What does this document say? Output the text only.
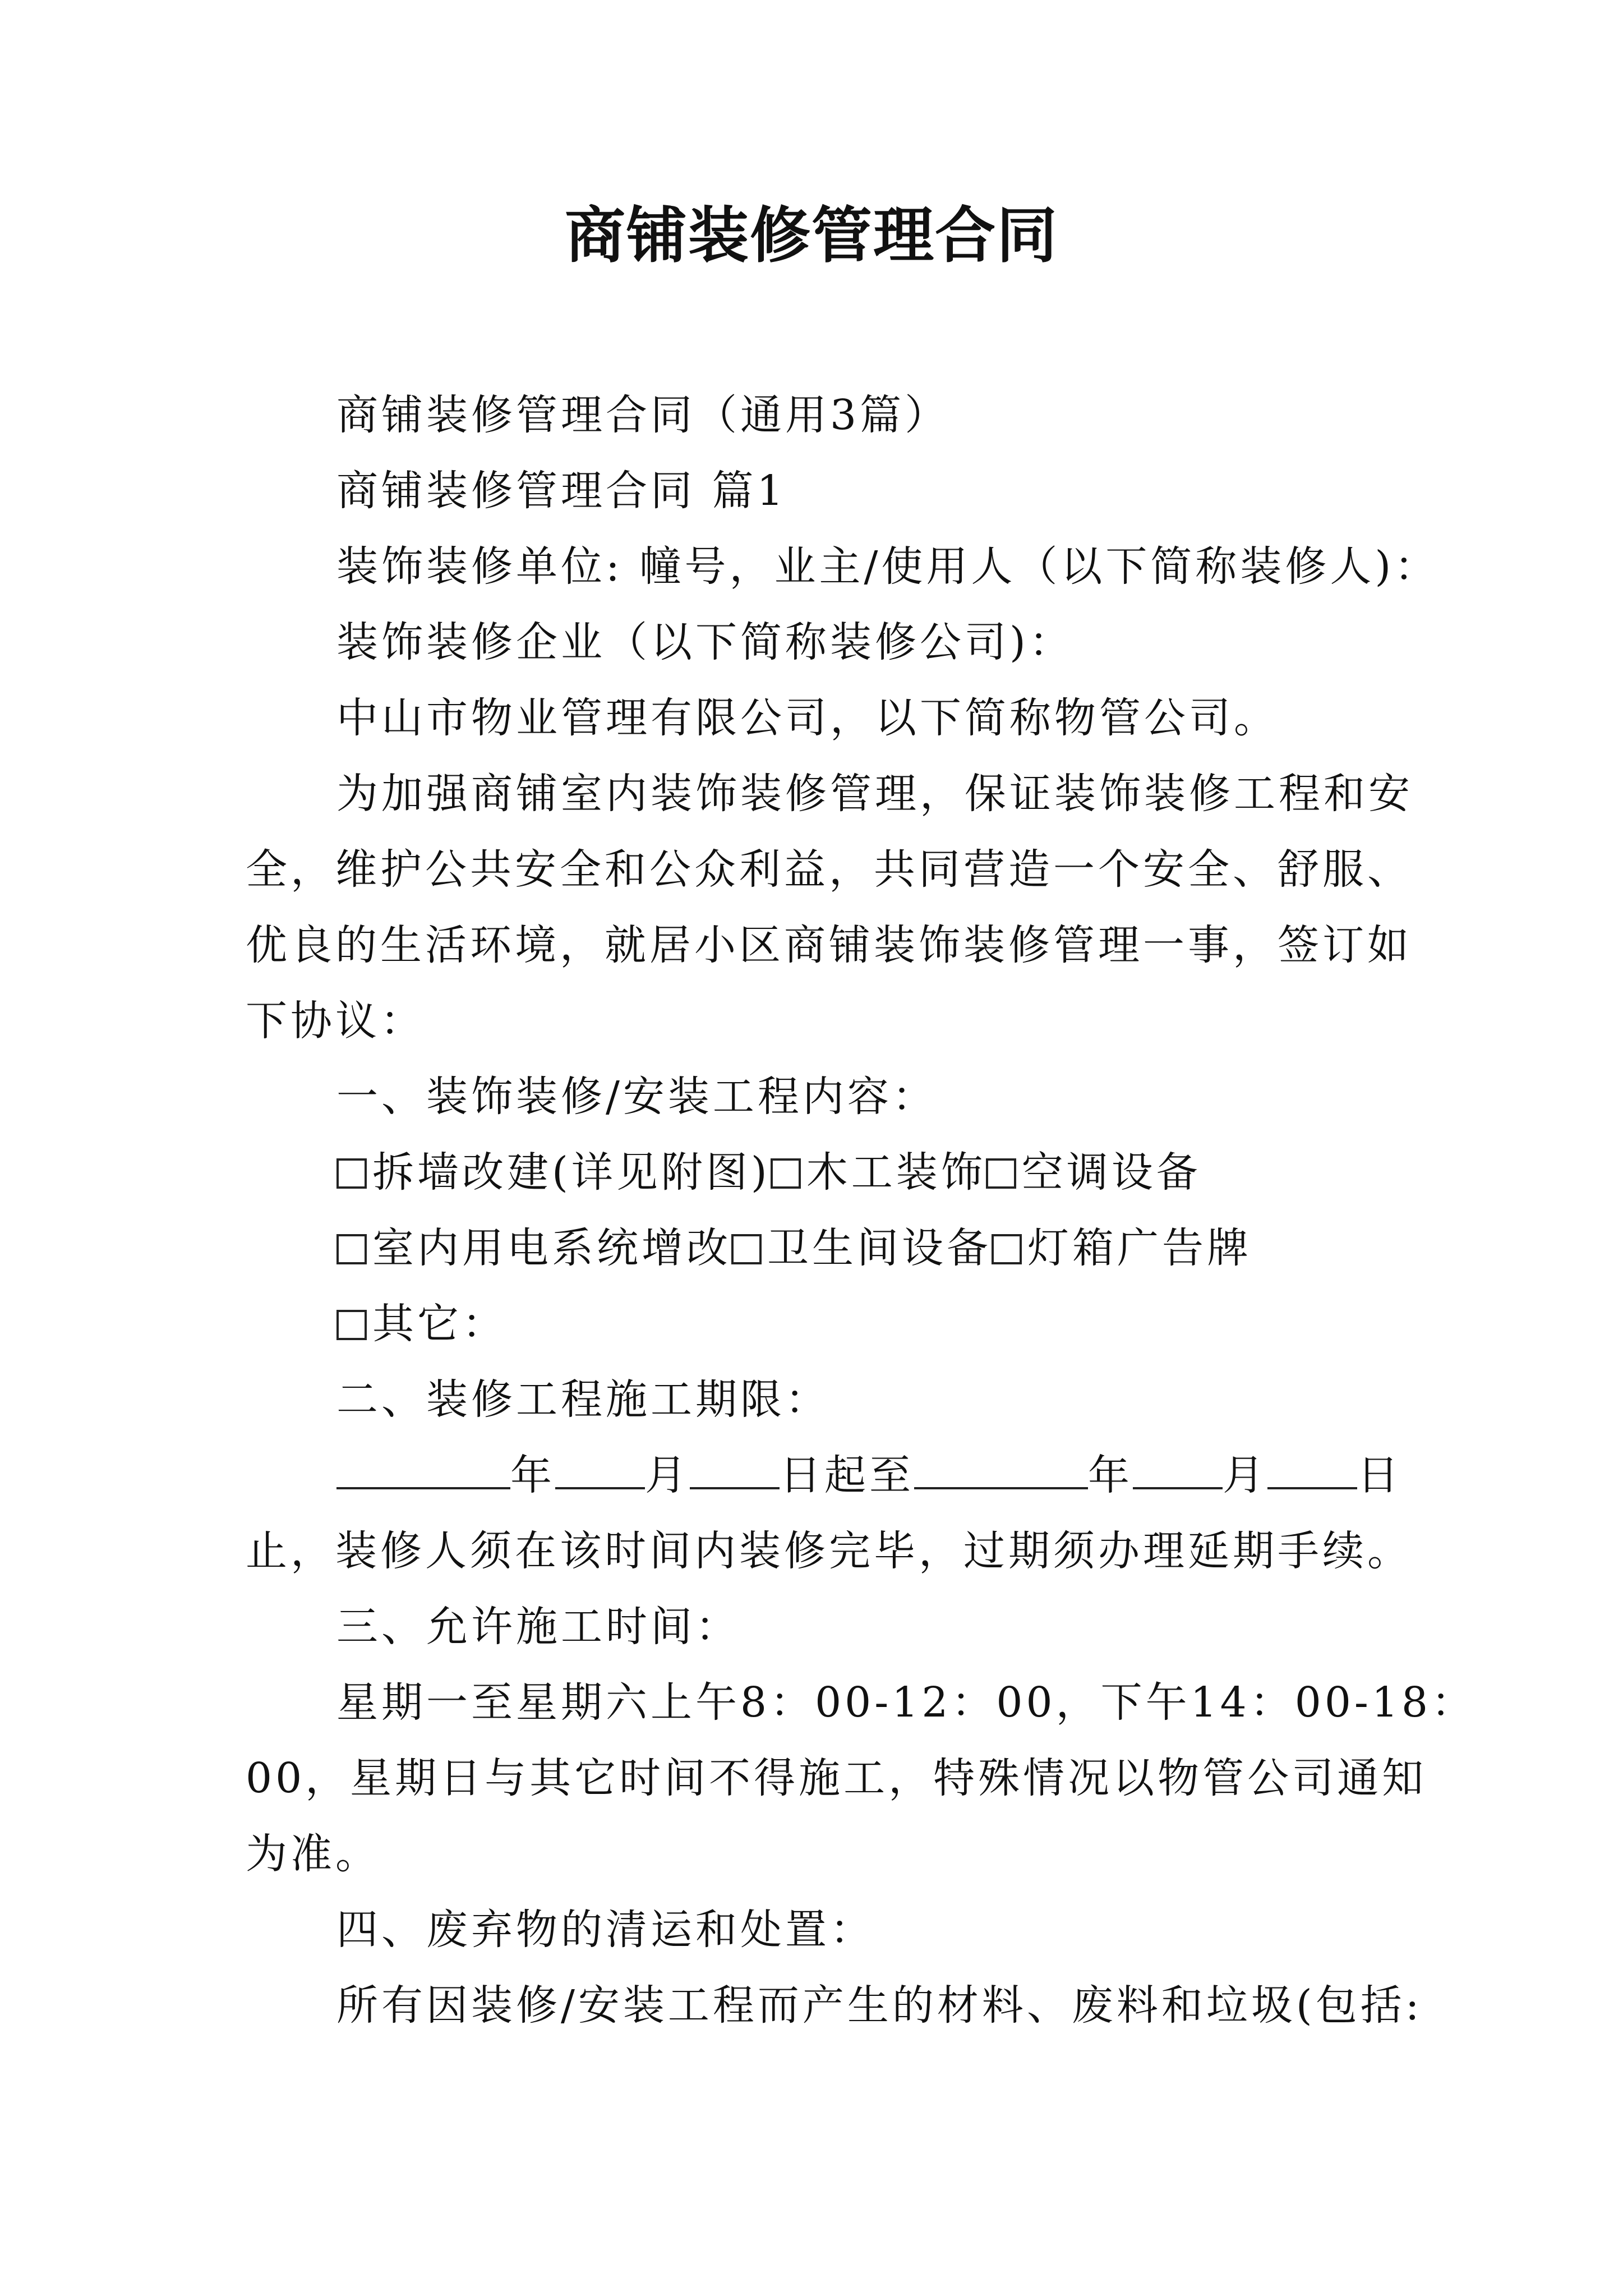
商铺装修管理合同
商铺装修管理合同（通用3篇）
商铺装修管理合同 篇1
装饰装修单位: 幢号，业主/使用人（以下简称装修人)：
装饰装修企业（以下简称装修公司)：
中山市物业管理有限公司，以下简称物管公司。
为加强商铺室内装饰装修管理，保证装饰装修工程和安
全，维护公共安全和公众利益，共同营造一个安全、舒服、
优良的生活环境，就居小区商铺装饰装修管理一事，签订如
下协议：
一、装饰装修/安装工程内容：
拆墙改建(详见附图) 木工装饰 空调设备
室内用电系统增改 卫生间设备 灯箱广告牌
其它：
二、装修工程施工期限：
年 月 日起至	年 月 日
止，装修人须在该时间内装修完毕，过期须办理延期手续。
三、允许施工时间：
星期一至星期六上午8：00-12：00，下午14：00-18：
00，星期日与其它时间不得施工，特殊情况以物管公司通知
为准。
四、废弃物的清运和处置：
所有因装修/安装工程而产生的材料、废料和垃圾(包括:
